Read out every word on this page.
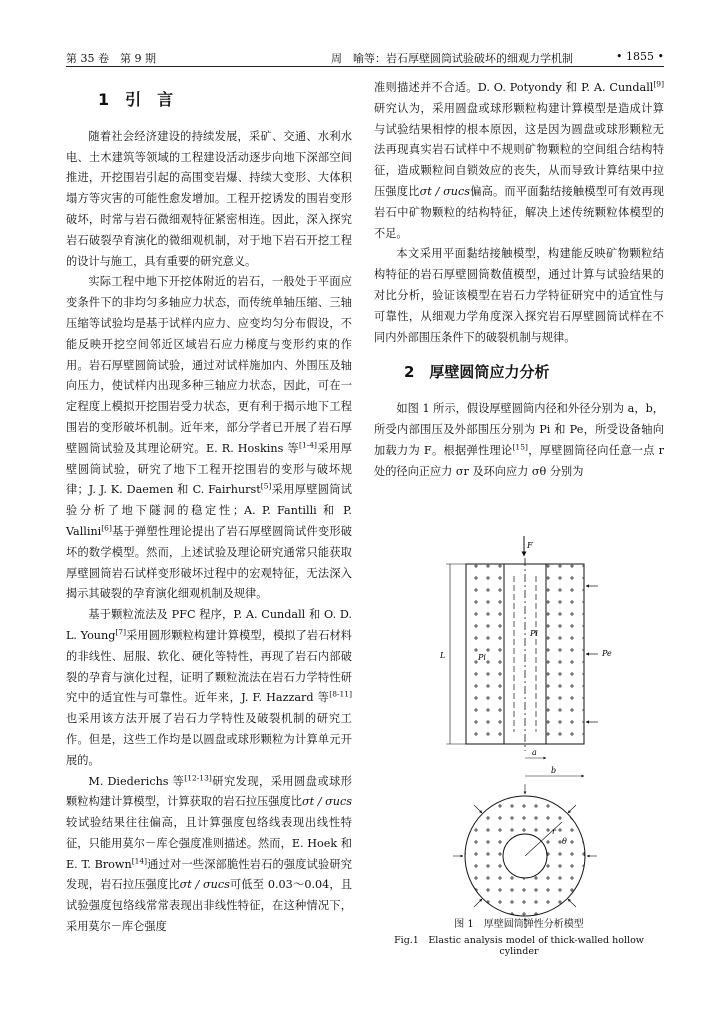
第 35 卷　第 9 期	周　喻等：岩石厚壁圆筒试验破坏的细观力学机制	• 1855 •

1　引　言

随着社会经济建设的持续发展，采矿、交通、水利水电、土木建筑等领域的工程建设活动逐步向地下深部空间推进，开挖围岩引起的高围变岩爆、持续大变形、大体积塌方等灾害的可能性愈发增加。工程开挖诱发的围岩变形破坏，时常与岩石微细观特征紧密相连。因此，深入探究岩石破裂孕育演化的微细观机制，对于地下岩石开挖工程的设计与施工，具有重要的研究意义。

实际工程中地下开挖体附近的岩石，一般处于平面应变条件下的非均匀多轴应力状态，而传统单轴压缩、三轴压缩等试验均是基于试样内应力、应变均匀分布假设，不能反映开挖空间邻近区域岩石应力梯度与变形约束的作用。岩石厚壁圆筒试验，通过对试样施加内、外围压及轴向压力，使试样内出现多种三轴应力状态，因此，可在一定程度上模拟开挖围岩受力状态，更有利于揭示地下工程围岩的变形破坏机制。近年来，部分学者已开展了岩石厚壁圆筒试验及其理论研究。E. R. Hoskins 等[1-4]采用厚壁圆筒试验，研究了地下工程开挖围岩的变形与破坏规律；J. J. K. Daemen 和 C. Fairhurst[5]采用厚壁圆筒试验分析了地下隧洞的稳定性；A. P. Fantilli 和 P. Vallini[6]基于弹塑性理论提出了岩石厚壁圆筒试件变形破坏的数学模型。然而，上述试验及理论研究通常只能获取厚壁圆筒岩石试样变形破坏过程中的宏观特征，无法深入揭示其破裂的孕育演化细观机制及规律。

基于颗粒流法及 PFC 程序，P. A. Cundall 和 O. D. L. Young[7]采用圆形颗粒构建计算模型，模拟了岩石材料的非线性、屈服、软化、硬化等特性，再现了岩石内部破裂的孕育与演化过程，证明了颗粒流法在岩石力学特性研究中的适宜性与可靠性。近年来，J. F. Hazzard 等[8-11]也采用该方法开展了岩石力学特性及破裂机制的研究工作。但是，这些工作均是以圆盘或球形颗粒为计算单元开展的。

M. Diederichs 等[12-13]研究发现，采用圆盘或球形颗粒构建计算模型，计算获取的岩石拉压强度比σt / σucs较试验结果往往偏高，且计算强度包络线表现出线性特征，只能用莫尔－库仑强度准则描述。然而，E. Hoek 和 E. T. Brown[14]通过对一些深部脆性岩石的强度试验研究发现，岩石拉压强度比σt / σucs可低至 0.03～0.04，且试验强度包络线常常表现出非线性特征，在这种情况下，采用莫尔－库仑强度

准则描述并不合适。D. O. Potyondy 和 P. A. Cundall[9]研究认为，采用圆盘或球形颗粒构建计算模型是造成计算与试验结果相悖的根本原因，这是因为圆盘或球形颗粒无法再现真实岩石试样中不规则矿物颗粒的空间组合结构特征，造成颗粒间自锁效应的丧失，从而导致计算结果中拉压强度比σt / σucs偏高。而平面黏结接触模型可有效再现岩石中矿物颗粒的结构特征，解决上述传统颗粒体模型的不足。

本文采用平面黏结接触模型，构建能反映矿物颗粒结构特征的岩石厚壁圆筒数值模型，通过计算与试验结果的对比分析，验证该模型在岩石力学特征研究中的适宜性与可靠性，从细观力学角度深入探究岩石厚壁圆筒试样在不同内外部围压条件下的破裂机制与规律。

2　厚壁圆筒应力分析

如图 1 所示，假设厚壁圆筒内径和外径分别为 a，b，所受内部围压及外部围压分别为 Pi 和 Pe，所受设备轴向加载力为 F。根据弹性理论[15]，厚壁圆筒径向任意一点 r 处的径向正应力 σr 及环向应力 σθ 分别为

F
L	Pi
Pi
Pe
a
b
r
θ
图 1　厚壁圆筒弹性分析模型
Fig.1　Elastic analysis model of thick-walled hollow cylinder
